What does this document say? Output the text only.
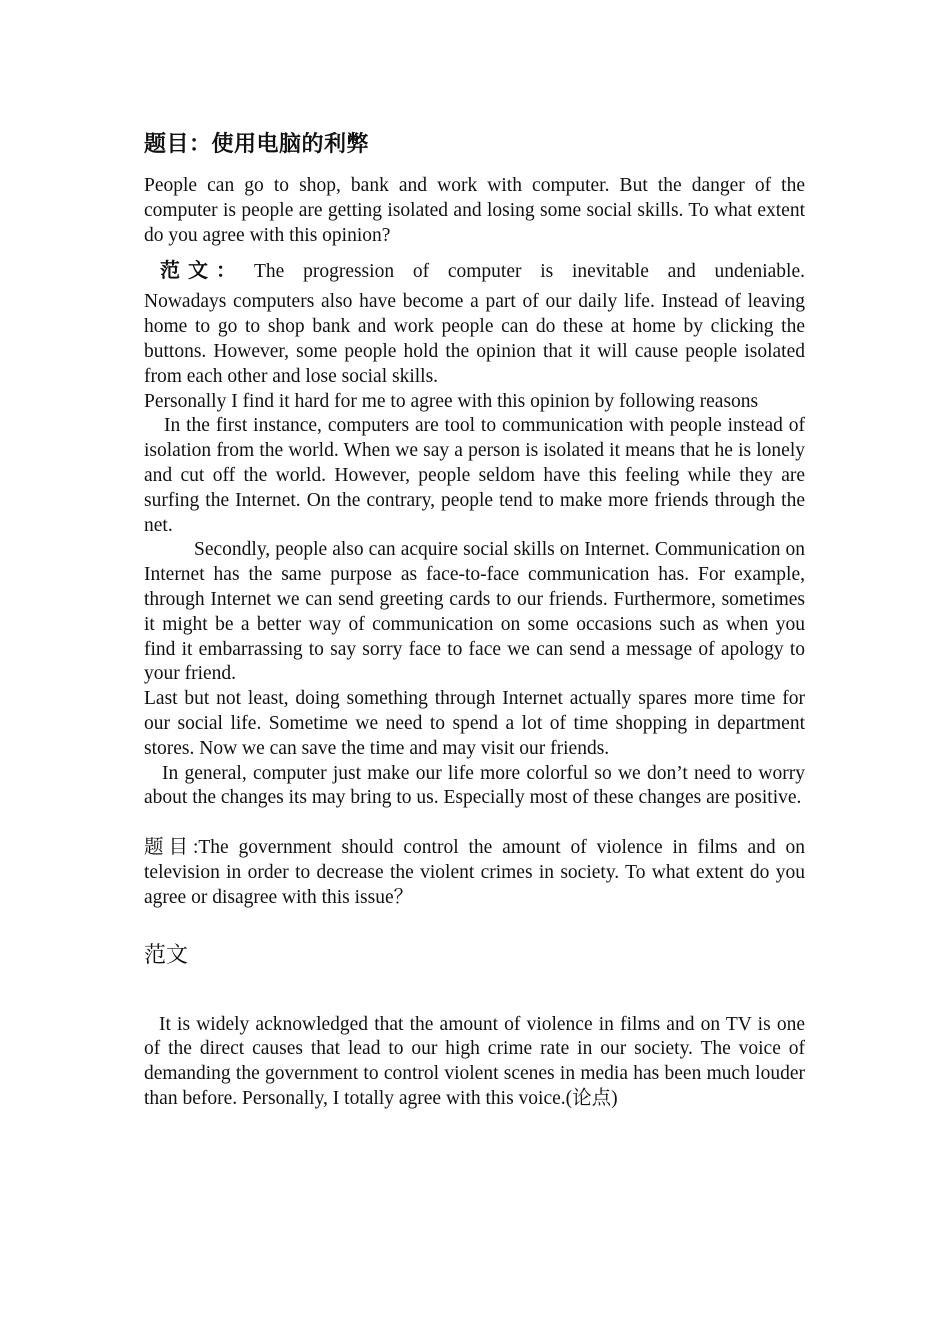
题目：使用电脑的利弊

People can go to shop, bank and work with computer. But the danger of the computer is people are getting isolated and losing some social skills. To what extent do you agree with this opinion?

范文： The progression of computer is inevitable and undeniable.

Nowadays computers also have become a part of our daily life. Instead of leaving home to go to shop bank and work people can do these at home by clicking the buttons. However, some people hold the opinion that it will cause people isolated from each other and lose social skills.

Personally I find it hard for me to agree with this opinion by following reasons

In the first instance, computers are tool to communication with people instead of isolation from the world. When we say a person is isolated it means that he is lonely and cut off the world. However, people seldom have this feeling while they are surfing the Internet. On the contrary, people tend to make more friends through the net.

Secondly, people also can acquire social skills on Internet. Communication on Internet has the same purpose as face-to-face communication has. For example, through Internet we can send greeting cards to our friends. Furthermore, sometimes it might be a better way of communication on some occasions such as when you find it embarrassing to say sorry face to face we can send a message of apology to your friend.

Last but not least, doing something through Internet actually spares more time for our social life. Sometime we need to spend a lot of time shopping in department stores. Now we can save the time and may visit our friends.

In general, computer just make our life more colorful so we don’t need to worry about the changes its may bring to us. Especially most of these changes are positive.

题目:The government should control the amount of violence in films and on television in order to decrease the violent crimes in society. To what extent do you agree or disagree with this issue？

范文

It is widely acknowledged that the amount of violence in films and on TV is one of the direct causes that lead to our high crime rate in our society. The voice of demanding the government to control violent scenes in media has been much louder than before. Personally, I totally agree with this voice.(论点)
